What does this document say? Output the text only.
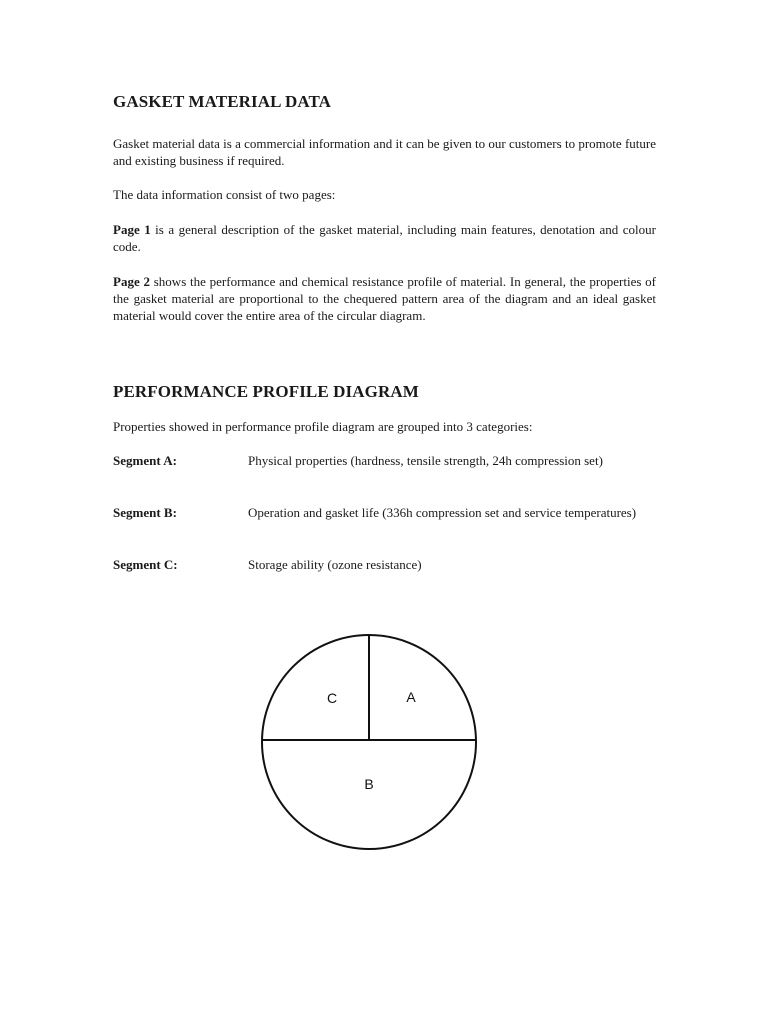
GASKET MATERIAL DATA

Gasket material data is a commercial information and it can be given to our customers to promote future and existing business if required.

The data information consist of two pages:

Page 1 is a general description of the gasket material, including main features, denotation and colour code.

Page 2 shows the performance and chemical resistance profile of material. In general, the properties of the gasket material are proportional to the chequered pattern area of the diagram and an ideal gasket material would cover the entire area of the circular diagram.

PERFORMANCE PROFILE DIAGRAM

Properties showed in performance profile diagram are grouped into 3 categories:

Segment A:	Physical properties (hardness, tensile strength, 24h compression set)
Segment B:	Operation and gasket life (336h compression set and service temperatures)
Segment C:	Storage ability (ozone resistance)
C	A
B
